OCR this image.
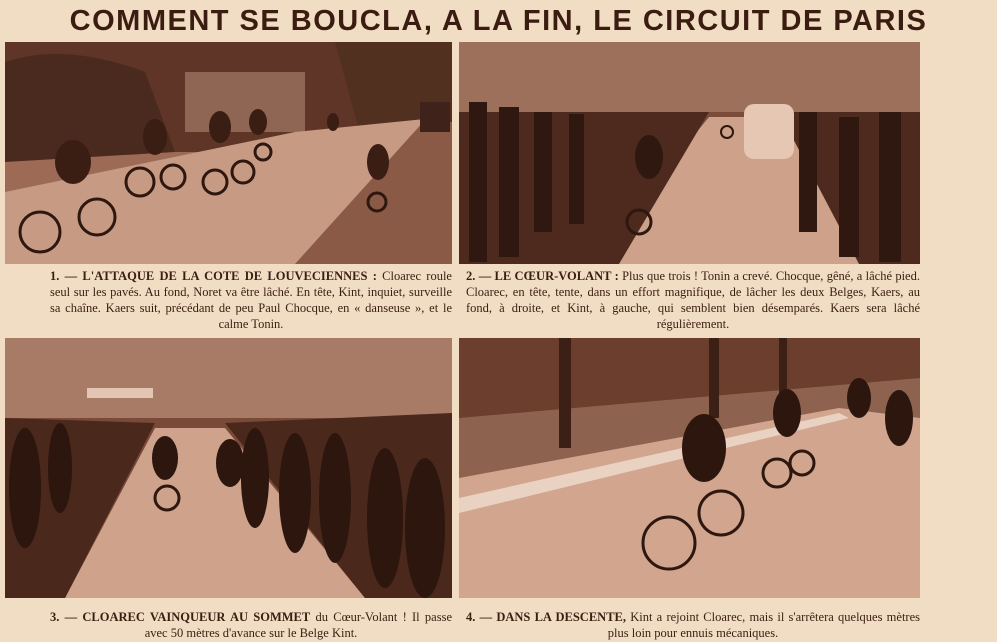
COMMENT SE BOUCLA, A LA FIN, LE CIRCUIT DE PARIS
1. — L'ATTAQUE DE LA COTE DE LOUVECIENNES : Cloarec roule seul sur les pavés. Au fond, Noret va être lâché. En tête, Kint, inquiet, surveille sa chaîne. Kaers suit, précédant de peu Paul Chocque, en « danseuse », et le calme Tonin.
2. — LE CŒUR-VOLANT : Plus que trois ! Tonin a crevé. Chocque, gêné, a lâché pied. Cloarec, en tête, tente, dans un effort magnifique, de lâcher les deux Belges, Kaers, au fond, à droite, et Kint, à gauche, qui semblent bien désemparés. Kaers sera lâché régulièrement.
3. — CLOAREC VAINQUEUR AU SOMMET du Cœur-Volant ! Il passe avec 50 mètres d'avance sur le Belge Kint.
4. — DANS LA DESCENTE, Kint a rejoint Cloarec, mais il s'arrêtera quelques mètres plus loin pour ennuis mécaniques.
